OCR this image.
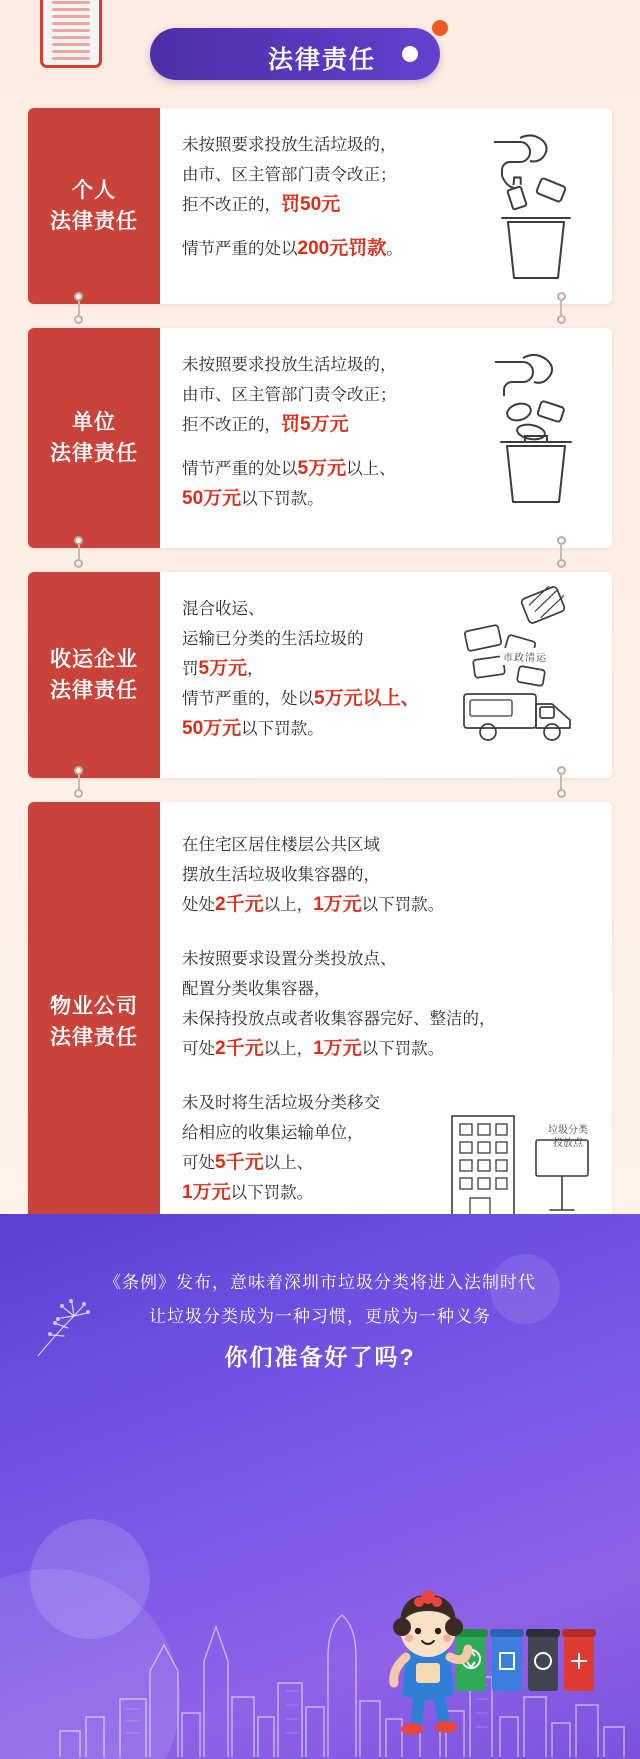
法律责任
个人
法律责任
未按照要求投放生活垃圾的，
由市、区主管部门责令改正；
拒不改正的，罚50元
情节严重的处以200元罚款。
单位
法律责任
未按照要求投放生活垃圾的，
由市、区主管部门责令改正；
拒不改正的，罚5万元
情节严重的处以5万元以上、
50万元以下罚款。
收运企业
法律责任
混合收运、
运输已分类的生活垃圾的
罚5万元，
情节严重的，处以5万元以上、
50万元以下罚款。
市政清运
物业公司
法律责任
在住宅区居住楼层公共区域
摆放生活垃圾收集容器的，
处处2千元以上，1万元以下罚款。
未按照要求设置分类投放点、
配置分类收集容器，
未保持投放点或者收集容器完好、整洁的，
可处2千元以上，1万元以下罚款。
未及时将生活垃圾分类移交
给相应的收集运输单位，
可处5千元以上、
1万元以下罚款。
垃圾分类
投放点
《条例》发布，意味着深圳市垃圾分类将进入法制时代
让垃圾分类成为一种习惯，更成为一种义务
你们准备好了吗?
